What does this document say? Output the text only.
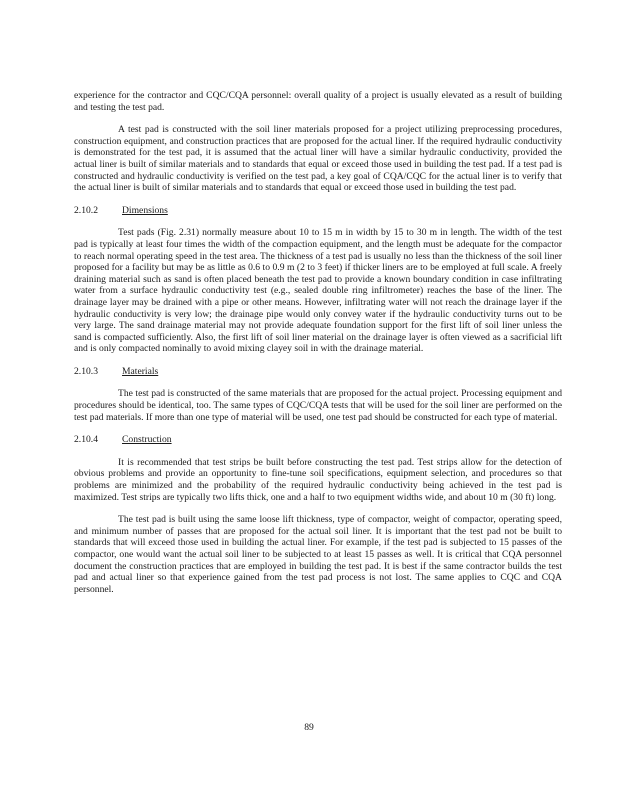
experience for the contractor and CQC/CQA personnel: overall quality of a project is usually elevated as a result of building and testing the test pad.

A test pad is constructed with the soil liner materials proposed for a project utilizing preprocessing procedures, construction equipment, and construction practices that are proposed for the actual liner. If the required hydraulic conductivity is demonstrated for the test pad, it is assumed that the actual liner will have a similar hydraulic conductivity, provided the actual liner is built of similar materials and to standards that equal or exceed those used in building the test pad. If a test pad is constructed and hydraulic conductivity is verified on the test pad, a key goal of CQA/CQC for the actual liner is to verify that the actual liner is built of similar materials and to standards that equal or exceed those used in building the test pad.

2.10.2	Dimensions

Test pads (Fig. 2.31) normally measure about 10 to 15 m in width by 15 to 30 m in length. The width of the test pad is typically at least four times the width of the compaction equipment, and the length must be adequate for the compactor to reach normal operating speed in the test area. The thickness of a test pad is usually no less than the thickness of the soil liner proposed for a facility but may be as little as 0.6 to 0.9 m (2 to 3 feet) if thicker liners are to be employed at full scale. A freely draining material such as sand is often placed beneath the test pad to provide a known boundary condition in case infiltrating water from a surface hydraulic conductivity test (e.g., sealed double ring infiltrometer) reaches the base of the liner. The drainage layer may be drained with a pipe or other means. However, infiltrating water will not reach the drainage layer if the hydraulic conductivity is very low; the drainage pipe would only convey water if the hydraulic conductivity turns out to be very large. The sand drainage material may not provide adequate foundation support for the first lift of soil liner unless the sand is compacted sufficiently. Also, the first lift of soil liner material on the drainage layer is often viewed as a sacrificial lift and is only compacted nominally to avoid mixing clayey soil in with the drainage material.

2.10.3	Materials

The test pad is constructed of the same materials that are proposed for the actual project. Processing equipment and procedures should be identical, too. The same types of CQC/CQA tests that will be used for the soil liner are performed on the test pad materials. If more than one type of material will be used, one test pad should be constructed for each type of material.

2.10.4	Construction

It is recommended that test strips be built before constructing the test pad. Test strips allow for the detection of obvious problems and provide an opportunity to fine-tune soil specifications, equipment selection, and procedures so that problems are minimized and the probability of the required hydraulic conductivity being achieved in the test pad is maximized. Test strips are typically two lifts thick, one and a half to two equipment widths wide, and about 10 m (30 ft) long.

The test pad is built using the same loose lift thickness, type of compactor, weight of compactor, operating speed, and minimum number of passes that are proposed for the actual soil liner. It is important that the test pad not be built to standards that will exceed those used in building the actual liner. For example, if the test pad is subjected to 15 passes of the compactor, one would want the actual soil liner to be subjected to at least 15 passes as well. It is critical that CQA personnel document the construction practices that are employed in building the test pad. It is best if the same contractor builds the test pad and actual liner so that experience gained from the test pad process is not lost. The same applies to CQC and CQA personnel.

89
